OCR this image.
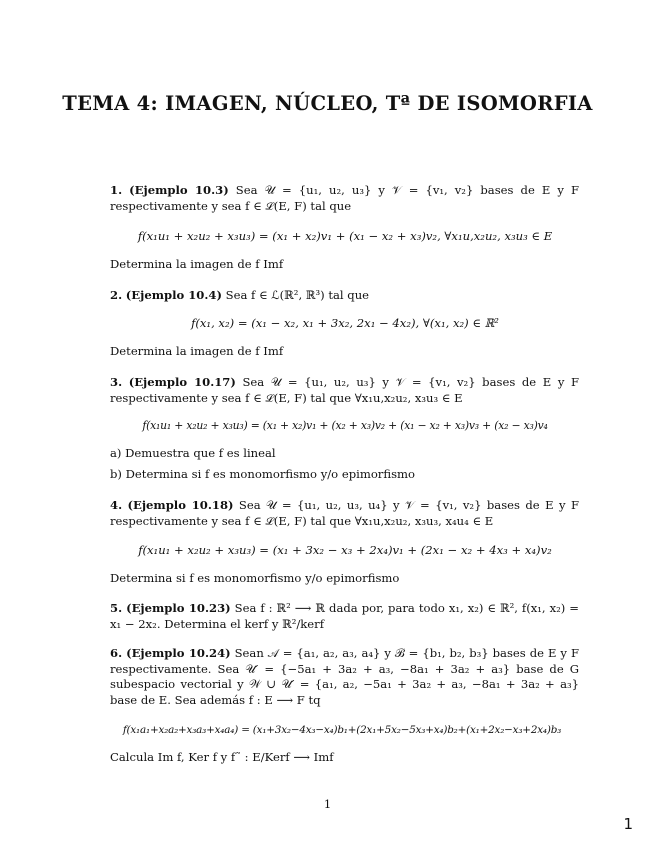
TEMA 4: IMAGEN, NÚCLEO, Tª DE ISOMORFIA

1. (Ejemplo 10.3) Sea 𝒰 = {u₁, u₂, u₃} y 𝒱 = {v₁, v₂} bases de E y F respectivamente y sea f ∈ ℒ(E, F) tal que

f(x₁u₁ + x₂u₂ + x₃u₃) = (x₁ + x₂)v₁ + (x₁ − x₂ + x₃)v₂, ∀x₁u,x₂u₂, x₃u₃ ∈ E

Determina la imagen de f Imf

2. (Ejemplo 10.4) Sea f ∈ ℒ(ℝ², ℝ³) tal que

f(x₁, x₂) = (x₁ − x₂, x₁ + 3x₂, 2x₁ − 4x₂), ∀(x₁, x₂) ∈ ℝ²

Determina la imagen de f Imf

3. (Ejemplo 10.17) Sea 𝒰 = {u₁, u₂, u₃} y 𝒱 = {v₁, v₂} bases de E y F respectivamente y sea f ∈ ℒ(E, F) tal que ∀x₁u,x₂u₂, x₃u₃ ∈ E

f(x₁u₁ + x₂u₂ + x₃u₃) = (x₁ + x₂)v₁ + (x₂ + x₃)v₂ + (x₁ − x₂ + x₃)v₃ + (x₂ − x₃)v₄

a) Demuestra que f es lineal

b) Determina si f es monomorfismo y/o epimorfismo

4. (Ejemplo 10.18) Sea 𝒰 = {u₁, u₂, u₃, u₄} y 𝒱 = {v₁, v₂} bases de E y F respectivamente y sea f ∈ ℒ(E, F) tal que ∀x₁u,x₂u₂, x₃u₃, x₄u₄ ∈ E

f(x₁u₁ + x₂u₂ + x₃u₃) = (x₁ + 3x₂ − x₃ + 2x₄)v₁ + (2x₁ − x₂ + 4x₃ + x₄)v₂

Determina si f es monomorfismo y/o epimorfismo

5. (Ejemplo 10.23) Sea f : ℝ² ⟶ ℝ dada por, para todo x₁, x₂) ∈ ℝ², f(x₁, x₂) = x₁ − 2x₂. Determina el kerf y ℝ²/kerf

6. (Ejemplo 10.24) Sean 𝒜 = {a₁, a₂, a₃, a₄} y ℬ = {b₁, b₂, b₃} bases de E y F respectivamente. Sea 𝒰′ = {−5a₁ + 3a₂ + a₃, −8a₁ + 3a₂ + a₃} base de G subespacio vectorial y 𝒲 ∪ 𝒰′ = {a₁, a₂, −5a₁ + 3a₂ + a₃, −8a₁ + 3a₂ + a₃} base de E. Sea además f : E ⟶ F tq

f(x₁a₁+x₂a₂+x₃a₃+x₄a₄) = (x₁+3x₂−4x₃−x₄)b₁+(2x₁+5x₂−5x₃+x₄)b₂+(x₁+2x₂−x₃+2x₄)b₃

Calcula Im f, Ker f y f˜ : E/Kerf ⟶ Imf

1
1
